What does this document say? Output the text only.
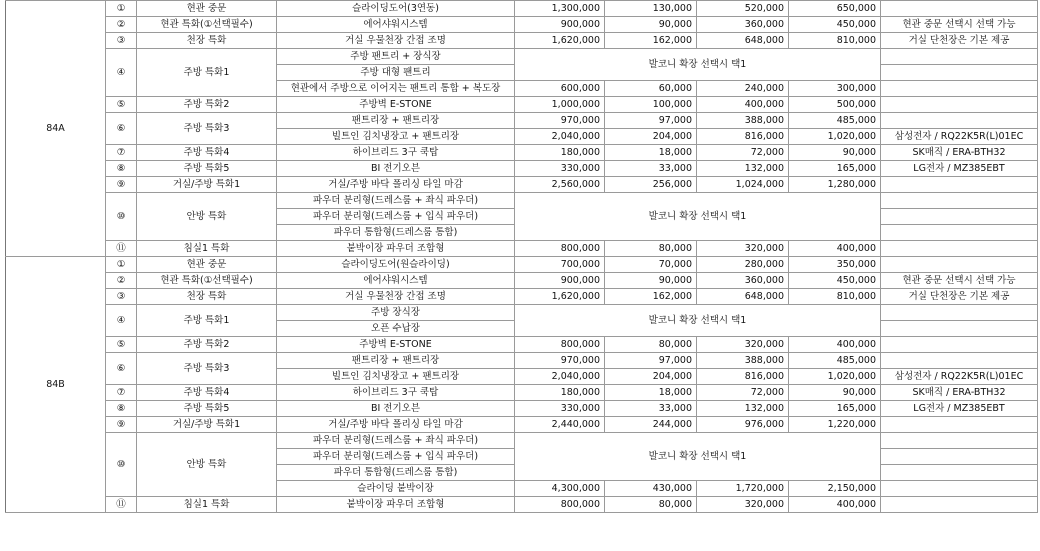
84A	①	현관 중문	슬라이딩도어(3연동)	1,300,000	130,000	520,000	650,000	
	②	현관 특화(①선택필수)	에어샤워시스템	900,000	90,000	360,000	450,000	현관 중문 선택시 선택 가능
	③	천장 특화	거실 우물천장 간접 조명	1,620,000	162,000	648,000	810,000	거실 단천장은 기본 제공
	④	주방 특화1	주방 팬트리 + 장식장	발코니 확장 선택시 택1				
			주방 대형 팬트리					
			현관에서 주방으로 이어지는 팬트리 통합 + 복도장	600,000	60,000	240,000	300,000	
	⑤	주방 특화2	주방벽 E-STONE	1,000,000	100,000	400,000	500,000	
	⑥	주방 특화3	팬트리장 + 팬트리장	970,000	97,000	388,000	485,000	
			빌트인 김치냉장고 + 팬트리장	2,040,000	204,000	816,000	1,020,000	삼성전자 / RQ22K5R(L)01EC
	⑦	주방 특화4	하이브리드 3구 쿡탑	180,000	18,000	72,000	90,000	SK매직 / ERA-BTH32
	⑧	주방 특화5	BI 전기오븐	330,000	33,000	132,000	165,000	LG전자 / MZ385EBT
	⑨	거실/주방 특화1	거실/주방 바닥 폴리싱 타일 마감	2,560,000	256,000	1,024,000	1,280,000	
	⑩	안방 특화	파우더 분리형(드레스룸 + 좌식 파우더)	발코니 확장 선택시 택1				
			파우더 분리형(드레스룸 + 입식 파우더)					
			파우더 통합형(드레스룸 통합)					
	⑪	침실1 특화	붙박이장 파우더 조합형	800,000	80,000	320,000	400,000	
84B	①	현관 중문	슬라이딩도어(원슬라이딩)	700,000	70,000	280,000	350,000	
	②	현관 특화(①선택필수)	에어샤워시스템	900,000	90,000	360,000	450,000	현관 중문 선택시 선택 가능
	③	천장 특화	거실 우물천장 간접 조명	1,620,000	162,000	648,000	810,000	거실 단천장은 기본 제공
	④	주방 특화1	주방 장식장	발코니 확장 선택시 택1				
			오픈 수납장					
	⑤	주방 특화2	주방벽 E-STONE	800,000	80,000	320,000	400,000	
	⑥	주방 특화3	팬트리장 + 팬트리장	970,000	97,000	388,000	485,000	
			빌트인 김치냉장고 + 팬트리장	2,040,000	204,000	816,000	1,020,000	삼성전자 / RQ22K5R(L)01EC
	⑦	주방 특화4	하이브리드 3구 쿡탑	180,000	18,000	72,000	90,000	SK매직 / ERA-BTH32
	⑧	주방 특화5	BI 전기오븐	330,000	33,000	132,000	165,000	LG전자 / MZ385EBT
	⑨	거실/주방 특화1	거실/주방 바닥 폴리싱 타일 마감	2,440,000	244,000	976,000	1,220,000	
	⑩	안방 특화	파우더 분리형(드레스룸 + 좌식 파우더)	발코니 확장 선택시 택1				
			파우더 분리형(드레스룸 + 입식 파우더)					
			파우더 통합형(드레스룸 통합)					
			슬라이딩 붙박이장	4,300,000	430,000	1,720,000	2,150,000	
	⑪	침실1 특화	붙박이장 파우더 조합형	800,000	80,000	320,000	400,000	
